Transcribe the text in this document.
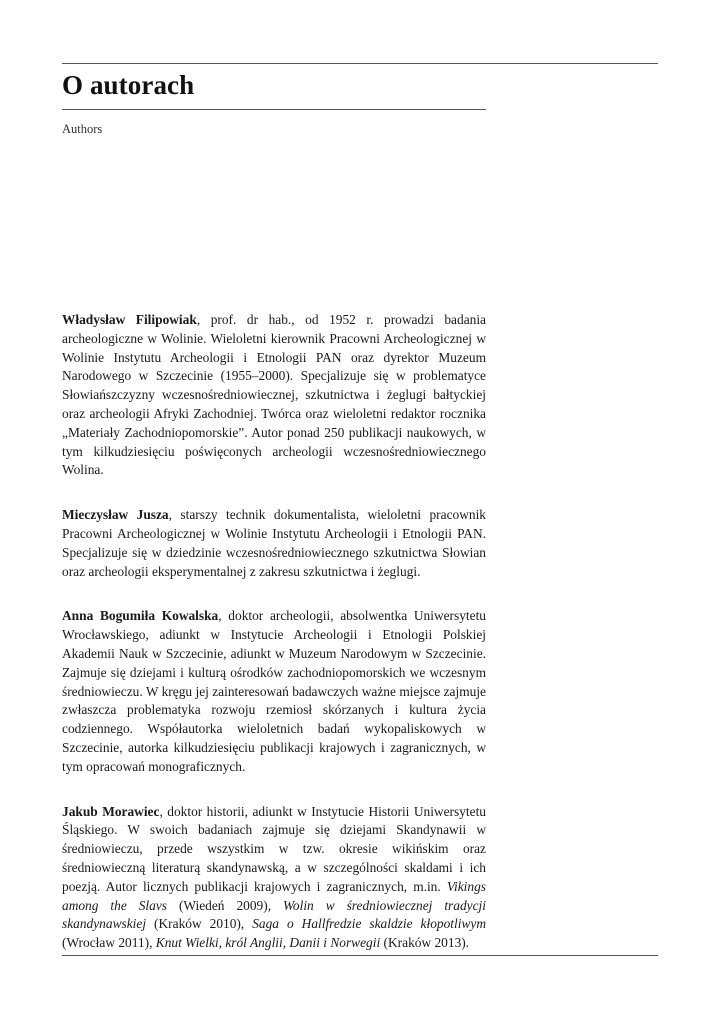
O autorach
Authors

Władysław Filipowiak, prof. dr hab., od 1952 r. prowadzi badania archeologiczne w Wolinie. Wieloletni kierownik Pracowni Archeologicznej w Wolinie Instytutu Archeologii i Etnologii PAN oraz dyrektor Muzeum Narodowego w Szczecinie (1955–2000). Specjalizuje się w problematyce Słowiańszczyzny wczesnośredniowiecznej, szkutnictwa i żeglugi bałtyckiej oraz archeologii Afryki Zachodniej. Twórca oraz wieloletni redaktor rocznika „Materiały Zachodniopomorskie”. Autor ponad 250 publikacji naukowych, w tym kilkudziesięciu poświęconych archeologii wczesnośredniowiecznego Wolina.

Mieczysław Jusza, starszy technik dokumentalista, wieloletni pracownik Pracowni Archeologicznej w Wolinie Instytutu Archeologii i Etnologii PAN. Specjalizuje się w dziedzinie wczesnośredniowiecznego szkutnictwa Słowian oraz archeologii eksperymentalnej z zakresu szkutnictwa i żeglugi.

Anna Bogumiła Kowalska, doktor archeologii, absolwentka Uniwersytetu Wrocławskiego, adiunkt w Instytucie Archeologii i Etnologii Polskiej Akademii Nauk w Szczecinie, adiunkt w Muzeum Narodowym w Szczecinie. Zajmuje się dziejami i kulturą ośrodków zachodniopomorskich we wczesnym średniowieczu. W kręgu jej zainteresowań badawczych ważne miejsce zajmuje zwłaszcza problematyka rozwoju rzemiosł skórzanych i kultura życia codziennego. Współautorka wieloletnich badań wykopaliskowych w Szczecinie, autorka kilkudziesięciu publikacji krajowych i zagranicznych, w tym opracowań monograficznych.

Jakub Morawiec, doktor historii, adiunkt w Instytucie Historii Uniwersytetu Śląskiego. W swoich badaniach zajmuje się dziejami Skandynawii w średniowieczu, przede wszystkim w tzw. okresie wikińskim oraz średniowieczną literaturą skandynawską, a w szczególności skaldami i ich poezją. Autor licznych publikacji krajowych i zagranicznych, m.in. Vikings among the Slavs (Wiedeń 2009), Wolin w średniowiecznej tradycji skandynawskiej (Kraków 2010), Saga o Hallfredzie skaldzie kłopotliwym (Wrocław 2011), Knut Wielki, król Anglii, Danii i Norwegii (Kraków 2013).
